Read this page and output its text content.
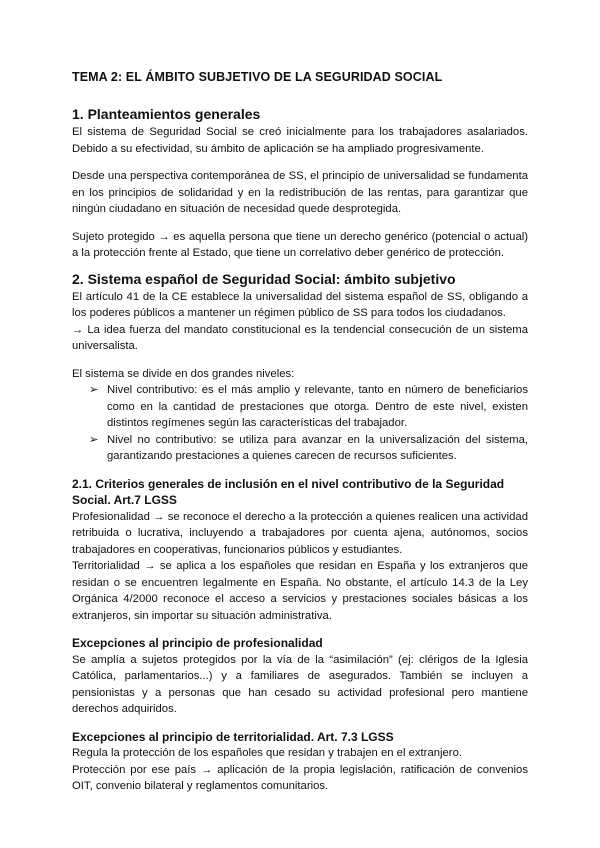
TEMA 2: EL ÁMBITO SUBJETIVO DE LA SEGURIDAD SOCIAL
1. Planteamientos generales

El sistema de Seguridad Social se creó inicialmente para los trabajadores asalariados. Debido a su efectividad, su ámbito de aplicación se ha ampliado progresivamente.

Desde una perspectiva contemporánea de SS, el principio de universalidad se fundamenta en los principios de solidaridad y en la redistribución de las rentas, para garantizar que ningún ciudadano en situación de necesidad quede desprotegida.

Sujeto protegido → es aquella persona que tiene un derecho genérico (potencial o actual) a la protección frente al Estado, que tiene un correlativo deber genérico de protección.

2. Sistema español de Seguridad Social: ámbito subjetivo

El artículo 41 de la CE establece la universalidad del sistema español de SS, obligando a los poderes públicos a mantener un régimen público de SS para todos los ciudadanos.

→ La idea fuerza del mandato constitucional es la tendencial consecución de un sistema universalista.

El sistema se divide en dos grandes niveles:

➢ Nivel contributivo: es el más amplio y relevante, tanto en número de beneficiarios como en la cantidad de prestaciones que otorga. Dentro de este nivel, existen distintos regímenes según las características del trabajador.
➢ Nivel no contributivo: se utiliza para avanzar en la universalización del sistema, garantizando prestaciones a quienes carecen de recursos suficientes.
2.1. Criterios generales de inclusión en el nivel contributivo de la Seguridad Social. Art.7 LGSS

Profesionalidad → se reconoce el derecho a la protección a quienes realicen una actividad retribuida o lucrativa, incluyendo a trabajadores por cuenta ajena, autónomos, socios trabajadores en cooperativas, funcionarios públicos y estudiantes.

Territorialidad → se aplica a los españoles que residan en España y los extranjeros que residan o se encuentren legalmente en España. No obstante, el artículo 14.3 de la Ley Orgánica 4/2000 reconoce el acceso a servicios y prestaciones sociales básicas a los extranjeros, sin importar su situación administrativa.

Excepciones al principio de profesionalidad

Se amplía a sujetos protegidos por la vía de la “asimilación” (ej: clérigos de la Iglesia Católica, parlamentarios...) y a familiares de asegurados. También se incluyen a pensionistas y a personas que han cesado su actividad profesional pero mantiene derechos adquiridos.

Excepciones al principio de territorialidad. Art. 7.3 LGSS

Regula la protección de los españoles que residan y trabajen en el extranjero.

Protección por ese país → aplicación de la propia legislación, ratificación de convenios OIT, convenio bilateral y reglamentos comunitarios.
